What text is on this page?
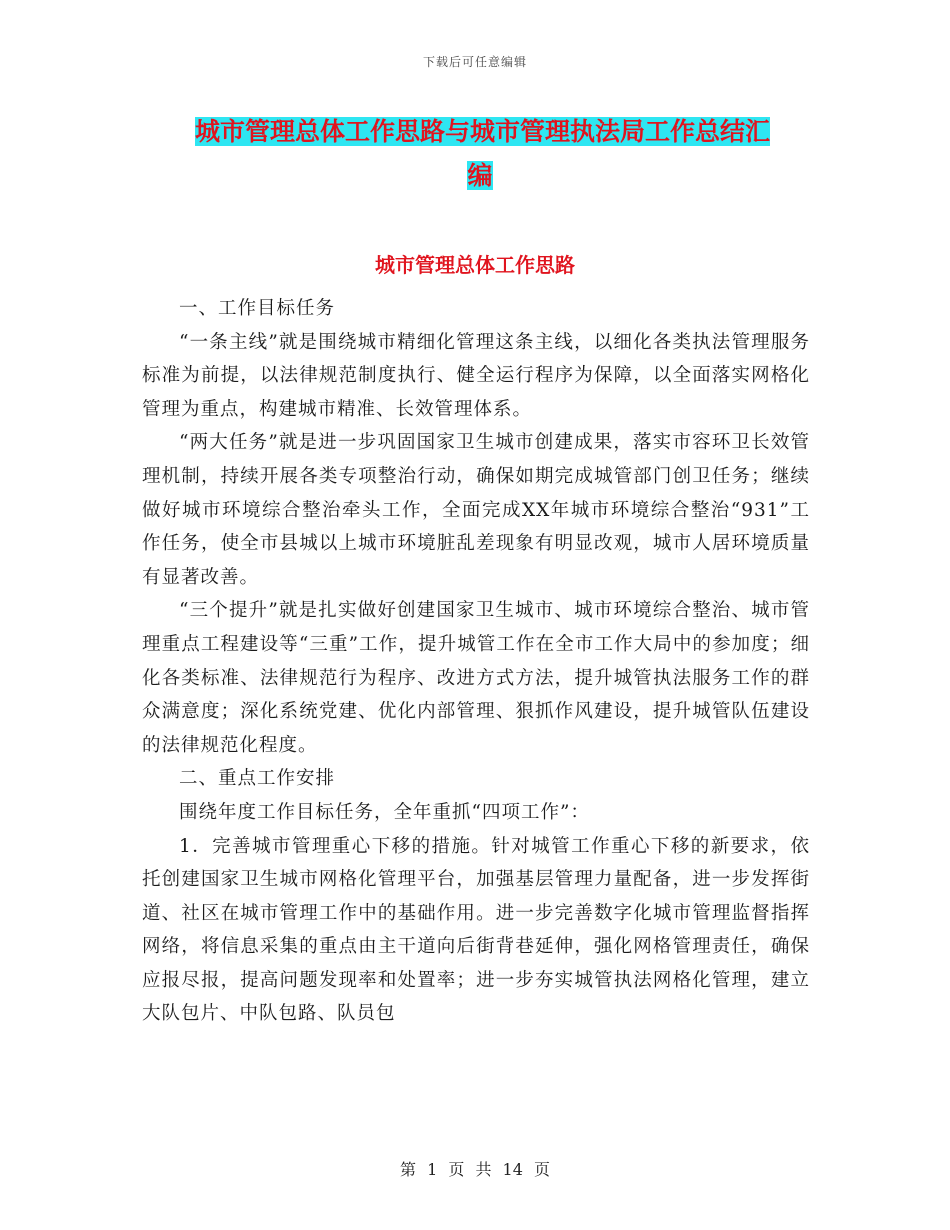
下载后可任意编辑
城市管理总体工作思路与城市管理执法局工作总结汇
编
城市管理总体工作思路

一、工作目标任务

“一条主线”就是围绕城市精细化管理这条主线，以细化各类执法管理服务标准为前提，以法律规范制度执行、健全运行程序为保障，以全面落实网格化管理为重点，构建城市精准、长效管理体系。

“两大任务”就是进一步巩固国家卫生城市创建成果，落实市容环卫长效管理机制，持续开展各类专项整治行动，确保如期完成城管部门创卫任务；继续做好城市环境综合整治牵头工作，全面完成XX年城市环境综合整治“931”工作任务，使全市县城以上城市环境脏乱差现象有明显改观，城市人居环境质量有显著改善。

“三个提升”就是扎实做好创建国家卫生城市、城市环境综合整治、城市管理重点工程建设等“三重”工作，提升城管工作在全市工作大局中的参加度；细化各类标准、法律规范行为程序、改进方式方法，提升城管执法服务工作的群众满意度；深化系统党建、优化内部管理、狠抓作风建设，提升城管队伍建设的法律规范化程度。

二、重点工作安排

围绕年度工作目标任务，全年重抓“四项工作”：

1．完善城市管理重心下移的措施。针对城管工作重心下移的新要求，依托创建国家卫生城市网格化管理平台，加强基层管理力量配备，进一步发挥街道、社区在城市管理工作中的基础作用。进一步完善数字化城市管理监督指挥网络，将信息采集的重点由主干道向后街背巷延伸，强化网格管理责任，确保应报尽报，提高问题发现率和处置率；进一步夯实城管执法网格化管理，建立大队包片、中队包路、队员包

第 1 页 共 14 页
